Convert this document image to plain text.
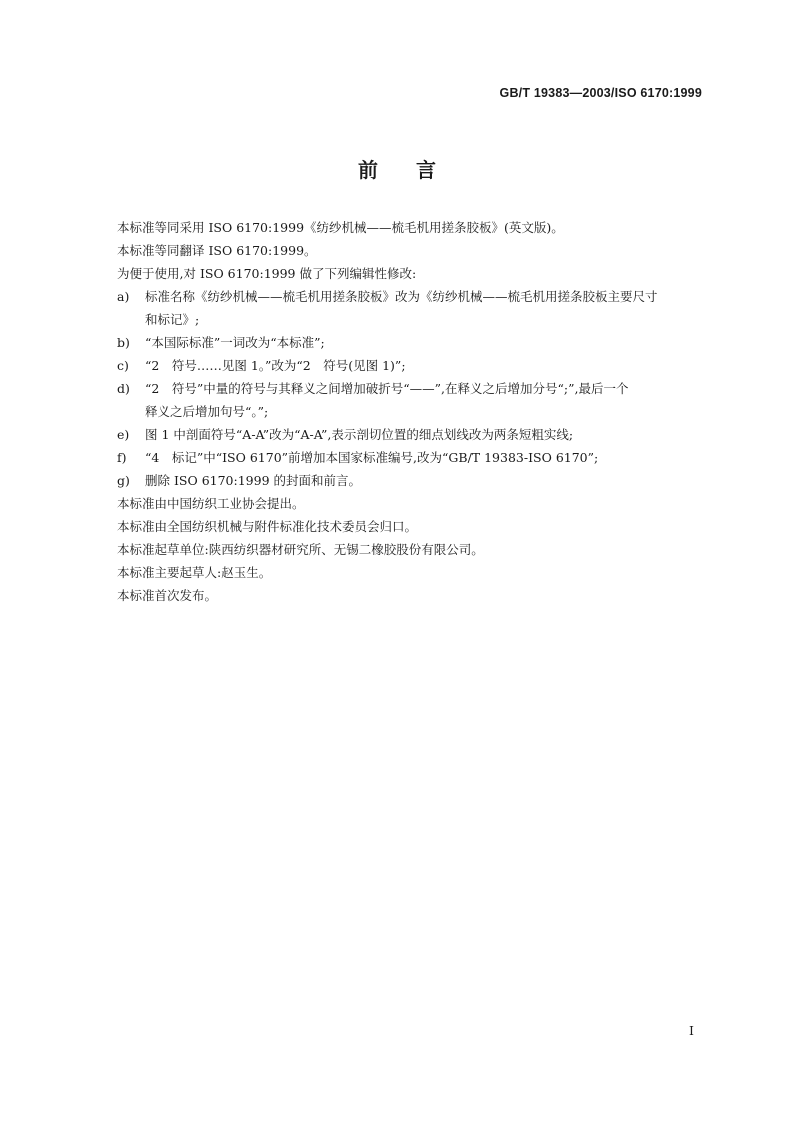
GB/T 19383—2003/ISO 6170:1999
前言

本标准等同采用 ISO 6170:1999《纺纱机械——梳毛机用搓条胶板》(英文版)。

本标准等同翻译 ISO 6170:1999。

为便于使用,对 ISO 6170:1999 做了下列编辑性修改:

a)	标准名称《纺纱机械——梳毛机用搓条胶板》改为《纺纱机械——梳毛机用搓条胶板主要尺寸
和标记》;
b)	“本国际标准”一词改为“本标准”;
c)	“2　符号……见图 1。”改为“2　符号(见图 1)”;
d)	“2　符号”中量的符号与其释义之间增加破折号“——”,在释义之后增加分号“;”,最后一个
释义之后增加句号“。”;
e)	图 1 中剖面符号“A-A”改为“A-A”,表示剖切位置的细点划线改为两条短粗实线;
f)	“4　标记”中“ISO 6170”前增加本国家标准编号,改为“GB/T 19383-ISO 6170”;
g)	删除 ISO 6170:1999 的封面和前言。

本标准由中国纺织工业协会提出。

本标准由全国纺织机械与附件标准化技术委员会归口。

本标准起草单位:陕西纺织器材研究所、无锡二橡胶股份有限公司。

本标准主要起草人:赵玉生。

本标准首次发布。

I
